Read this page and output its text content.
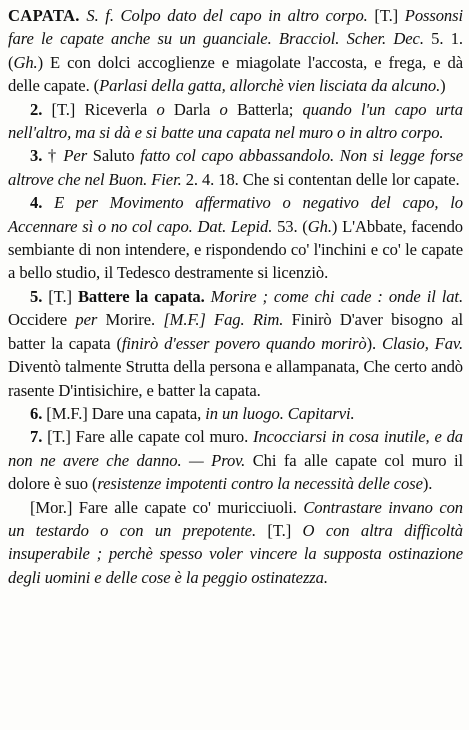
CAPATA. S. f. Colpo dato del capo in altro corpo. [T.] Possonsi fare le capate anche su un guanciale. Bracciol. Scher. Dec. 5. 1. (Gh.) E con dolci accoglienze e miagolate l'accosta, e frega, e dà delle capate. (Parlasi della gatta, allorchè vien lisciata da alcuno.)

2. [T.] Riceverla o Darla o Batterla; quando l'un capo urta nell'altro, ma si dà e si batte una capata nel muro o in altro corpo.

3. † Per Saluto fatto col capo abbassandolo. Non si legge forse altrove che nel Buon. Fier. 2. 4. 18. Che si contentan delle lor capate.

4. E per Movimento affermativo o negativo del capo, lo Accennare sì o no col capo. Dat. Lepid. 53. (Gh.) L'Abbate, facendo sembiante di non intendere, e rispondendo co' l'inchini e co' le capate a bello studio, il Tedesco destramente si licenziò.

5. [T.] Battere la capata. Morire ; come chi cade : onde il lat. Occidere per Morire. [M.F.] Fag. Rim. Finirò D'aver bisogno al batter la capata (finirò d'esser povero quando morirò). Clasio, Fav. Diventò talmente Strutta della persona e allampanata, Che certo andò rasente D'intisichire, e batter la capata.

6. [M.F.] Dare una capata, in un luogo. Capitarvi.

7. [T.] Fare alle capate col muro. Incocciarsi in cosa inutile, e da non ne avere che danno. — Prov. Chi fa alle capate col muro il dolore è suo (resistenze impotenti contro la necessità delle cose).

[Mor.] Fare alle capate co' muricciuoli. Contrastare invano con un testardo o con un prepotente. [T.] O con altra difficoltà insuperabile ; perchè spesso voler vincere la supposta ostinazione degli uomini e delle cose è la peggio ostinatezza.
